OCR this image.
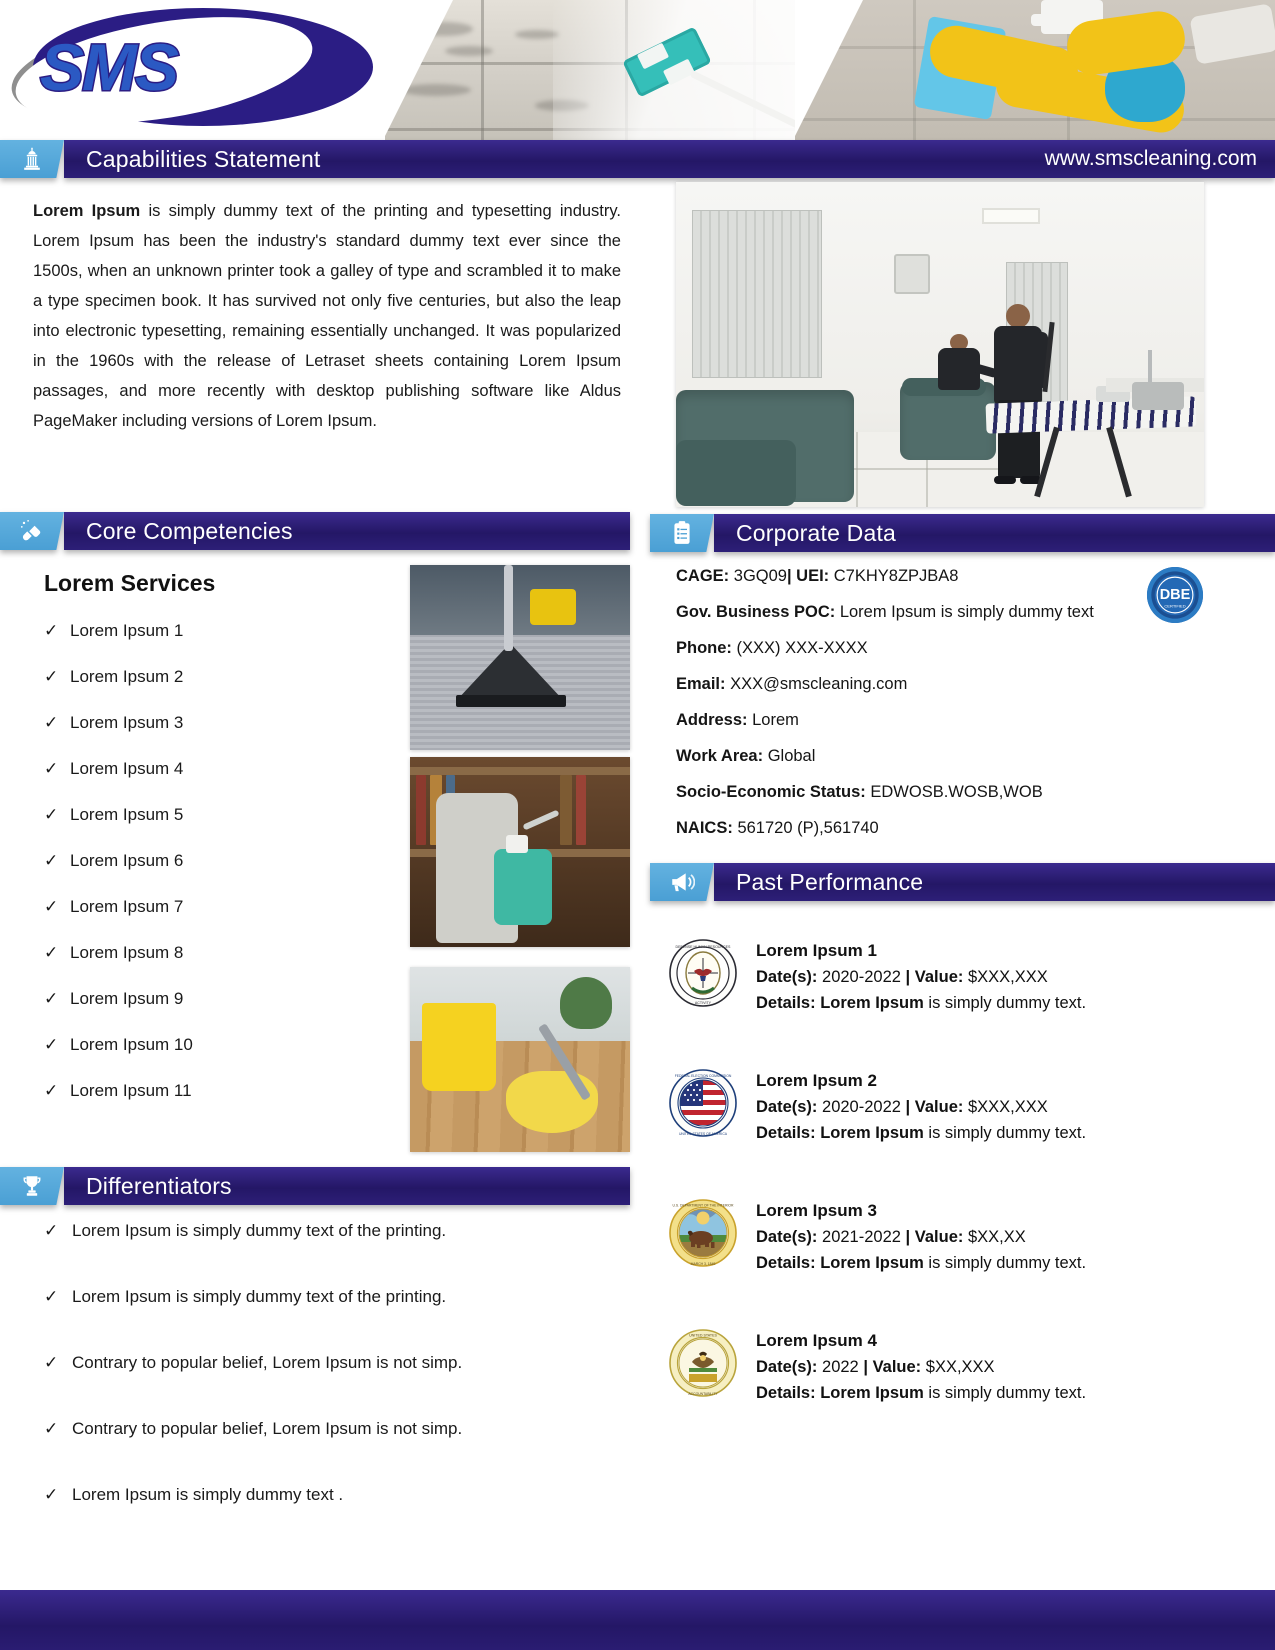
SMS
Capabilities Statement	www.smscleaning.com

Lorem Ipsum is simply dummy text of the printing and typesetting industry. Lorem Ipsum has been the industry's standard dummy text ever since the 1500s, when an unknown printer took a galley of type and scrambled it to make a type specimen book. It has survived not only five centuries, but also the leap into electronic typesetting, remaining essentially unchanged. It was popularized in the 1960s with the release of Letraset sheets containing Lorem Ipsum passages, and more recently with desktop publishing software like Aldus PageMaker including versions of Lorem Ipsum.

Core Competencies
Lorem Services
✓ Lorem Ipsum 1
✓ Lorem Ipsum 2
✓ Lorem Ipsum 3
✓ Lorem Ipsum 4
✓ Lorem Ipsum 5
✓ Lorem Ipsum 6
✓ Lorem Ipsum 7
✓ Lorem Ipsum 8
✓ Lorem Ipsum 9
✓ Lorem Ipsum 10
✓ Lorem Ipsum 11
Corporate Data
DBE
CERTIFIED
CAGE: 3GQ09| UEI: C7KHY8ZPJBA8
Gov. Business POC: Lorem Ipsum is simply dummy text
Phone: (XXX) XXX-XXXX
Email: XXX@smscleaning.com
Address: Lorem
Work Area: Global
Socio-Economic Status: EDWOSB.WOSB,WOB
NAICS: 561720 (P),561740
Past Performance
DEFENSE HUMAN RESOURCES
ACTIVITY
Lorem Ipsum 1
Date(s): 2020-2022 | Value: $XXX,XXX
Details: Lorem Ipsum is simply dummy text.
FEDERAL ELECTION COMMISSION
UNITED STATES OF AMERICA
Lorem Ipsum 2
Date(s): 2020-2022 | Value: $XXX,XXX
Details: Lorem Ipsum is simply dummy text.
U.S. DEPARTMENT OF THE INTERIOR
MARCH 3, 1849
Lorem Ipsum 3
Date(s): 2021-2022 | Value: $XX,XX
Details: Lorem Ipsum is simply dummy text.
UNITED STATES
ACCOUNTABILITY
Lorem Ipsum 4
Date(s): 2022 | Value: $XX,XXX
Details: Lorem Ipsum is simply dummy text.
Differentiators
✓ Lorem Ipsum is simply dummy text of the printing.
✓ Lorem Ipsum is simply dummy text of the printing.
✓ Contrary to popular belief, Lorem Ipsum is not simp.
✓ Contrary to popular belief, Lorem Ipsum is not simp.
✓ Lorem Ipsum is simply dummy text .
